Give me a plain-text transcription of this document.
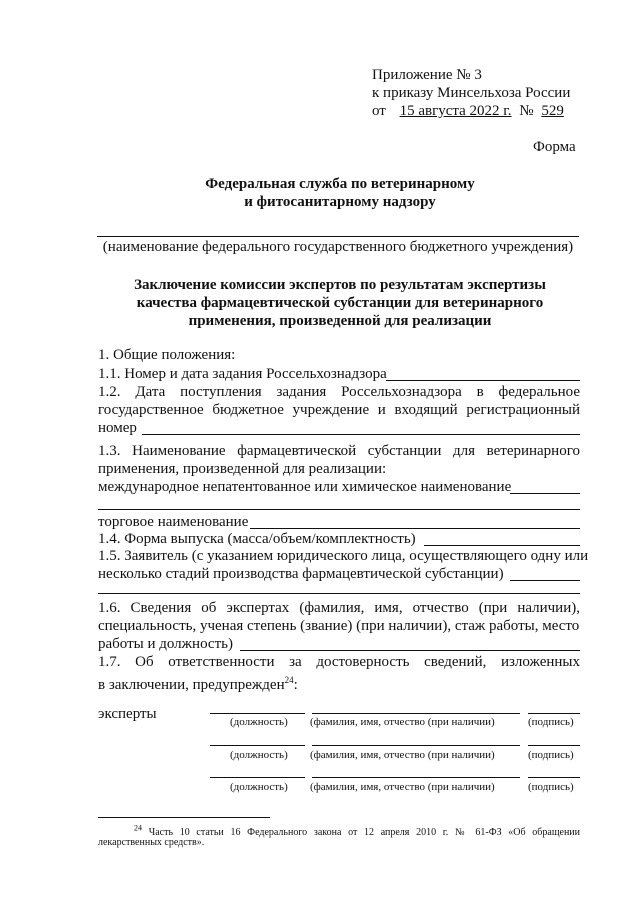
Приложение № 3
к приказу Минсельхоза России
от 15 августа 2022 г. № 529
Форма
Федеральная служба по ветеринарному
и фитосанитарному надзору
(наименование федерального государственного бюджетного учреждения)
Заключение комиссии экспертов по результатам экспертизы
качества фармацевтической субстанции для ветеринарного
применения, произведенной для реализации
1. Общие положения:
1.1. Номер и дата задания Россельхознадзора
1.2. Дата поступления задания Россельхознадзора в федеральное
государственное бюджетное учреждение и входящий регистрационный
номер
1.3. Наименование фармацевтической субстанции для ветеринарного
применения, произведенной для реализации:
международное непатентованное или химическое наименование
торговое наименование
1.4. Форма выпуска (масса/объем/комплектность)
1.5. Заявитель (с указанием юридического лица, осуществляющего одну или
несколько стадий производства фармацевтической субстанции)
1.6. Сведения об экспертах (фамилия, имя, отчество (при наличии),
специальность, ученая степень (звание) (при наличии), стаж работы, место
работы и должность)
1.7. Об ответственности за достоверность сведений, изложенных
в заключении, предупрежден$^{24}$:
эксперты	(должность) (фамилия, имя, отчество (при наличии)	(подпись)
(должность) (фамилия, имя, отчество (при наличии)	(подпись)
(должность) (фамилия, имя, отчество (при наличии)	(подпись)
$^{24}$ Часть 10 статьи 16 Федерального закона от 12 апреля 2010 г. № 61-ФЗ «Об обращении
лекарственных средств».
